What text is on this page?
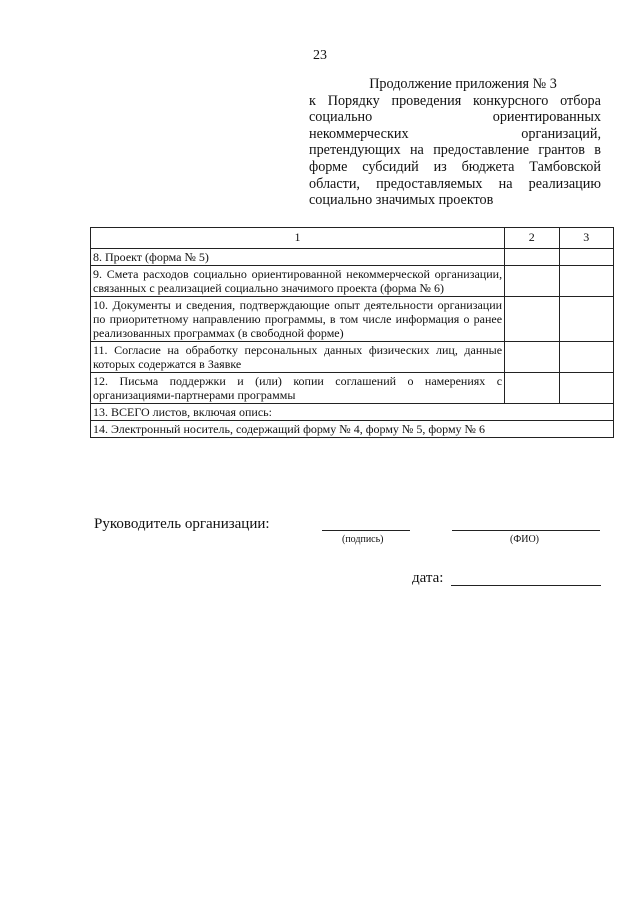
23
Продолжение приложения № 3
к Порядку проведения конкурсного отбора
социально	ориентированных
некоммерческих	организаций,
претендующих на предоставление грантов в
форме субсидий из бюджета Тамбовской
области, предоставляемых на реализацию
социально значимых проектов
1	2	3
8. Проект (форма № 5)		
9. Смета расходов социально ориентированной некоммерческой организации, связанных с реализацией социально значимого проекта (форма № 6)		
10. Документы и сведения, подтверждающие опыт деятельности организации по приоритетному направлению программы, в том числе информация о ранее реализованных программах (в свободной форме)		
11. Согласие на обработку персональных данных физических лиц, данные которых содержатся в Заявке		
12. Письма поддержки и (или) копии соглашений о намерениях с организациями-партнерами программы		
13. ВСЕГО листов, включая опись:		
14. Электронный носитель, содержащий форму № 4, форму № 5, форму № 6		
Руководитель организации:
(подпись)	(ФИО)
дата:
